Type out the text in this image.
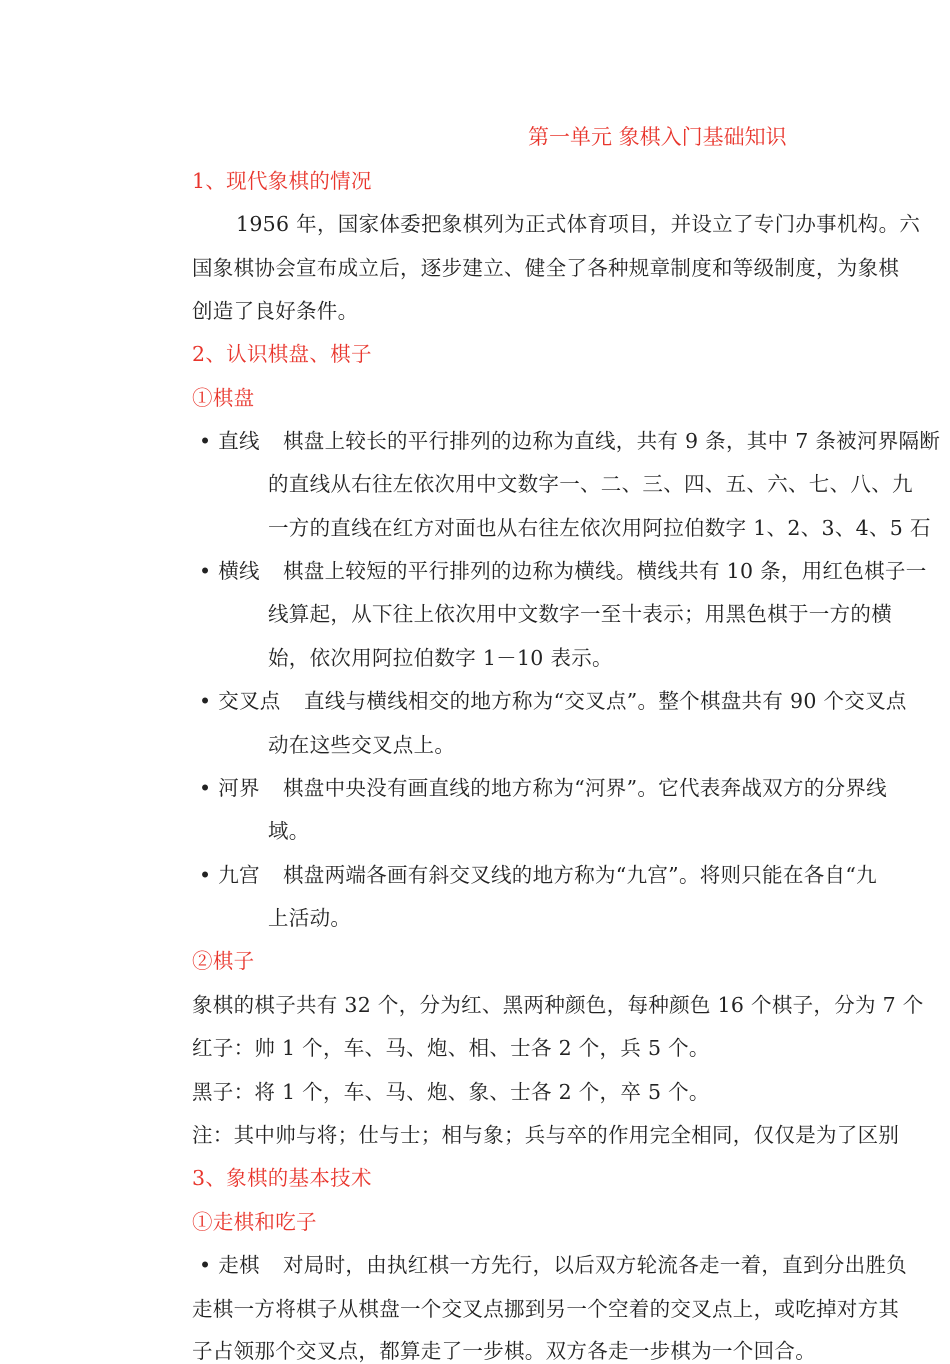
第一单元 象棋入门基础知识
1、现代象棋的情况
1956 年，国家体委把象棋列为正式体育项目，并设立了专门办事机构。六
国象棋协会宣布成立后，逐步建立、健全了各种规章制度和等级制度，为象棋
创造了良好条件。
2、认识棋盘、棋子
①棋盘
• 直线 棋盘上较长的平行排列的边称为直线，共有 9 条，其中 7 条被河界隔断
的直线从右往左依次用中文数字一、二、三、四、五、六、七、八、九
一方的直线在红方对面也从右往左依次用阿拉伯数字 1、2、3、4、5 石
• 横线 棋盘上较短的平行排列的边称为横线。横线共有 10 条，用红色棋子一
线算起，从下往上依次用中文数字一至十表示；用黑色棋于一方的横
始，依次用阿拉伯数字 1－10 表示。
• 交叉点 直线与横线相交的地方称为“交叉点”。整个棋盘共有 90 个交叉点
动在这些交叉点上。
• 河界 棋盘中央没有画直线的地方称为“河界”。它代表奔战双方的分界线
域。
• 九宫 棋盘两端各画有斜交叉线的地方称为“九宫”。将则只能在各自“九
上活动。
②棋子
象棋的棋子共有 32 个，分为红、黑两种颜色，每种颜色 16 个棋子，分为 7 个
红子：帅 1 个，车、马、炮、相、士各 2 个，兵 5 个。
黑子：将 1 个，车、马、炮、象、士各 2 个，卒 5 个。
注：其中帅与将；仕与士；相与象；兵与卒的作用完全相同，仅仅是为了区别
3、象棋的基本技术
①走棋和吃子
• 走棋 对局时，由执红棋一方先行，以后双方轮流各走一着，直到分出胜负
走棋一方将棋子从棋盘一个交叉点挪到另一个空着的交叉点上，或吃掉对方其
子占领那个交叉点，都算走了一步棋。双方各走一步棋为一个回合。
